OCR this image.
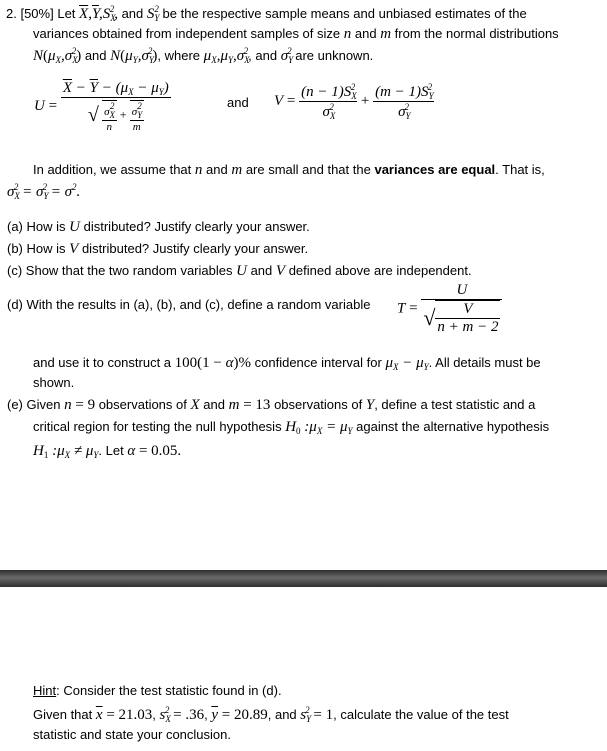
2. [50%] Let $\overline{X},\overline{Y},S_X^2$, and $S_Y^2$ be the respective sample means and unbiased estimates of the
variances obtained from independent samples of size n and m from the normal distributions
$N(\mu_X,\sigma_X^2)$ and $N(\mu_Y,\sigma_Y^2)$, where $\mu_X,\mu_Y,\sigma_X^2$, and $\sigma_Y^2$ are unknown.
$U = \frac{\overline{X} - \overline{Y} - (\mu_X - \mu_Y)}{√ \frac{\sigma_X^2}{n} + \frac{\sigma_Y^2}{m}}$	and $V = \frac{(n - 1)S_X^2}{\sigma_X^2} + \frac{(m - 1)S_Y^2}{\sigma_Y^2}$
In addition, we assume that n and m are small and that the variances are equal. That is,
$\sigma_X^2 = \sigma_Y^2 = \sigma^2$.
(a) How is U distributed? Justify clearly your answer.
(b) How is V distributed? Justify clearly your answer.
(c) Show that the two random variables U and V defined above are independent.
(d) With the results in (a), (b), and (c), define a random variable $T = \frac{U}{√ \frac{V}{n + m - 2}}$
and use it to construct a 100(1 − α)% confidence interval for $\mu_X - \mu_Y$. All details must be
shown.
(e) Given n = 9 observations of X and m = 13 observations of Y, define a test statistic and a
critical region for testing the null hypothesis $H_0$ $:\mu_X = \mu_Y$ against the alternative hypothesis
$H_1$ $:\mu_X \ne \mu_Y$. Let α = 0.05.
Hint: Consider the test statistic found in (d).
Given that $\overline{x} = 21.03$, $s_X^2 = .36$, $\overline{y} = 20.89$, and $s_Y^2 = 1$, calculate the value of the test
statistic and state your conclusion.
